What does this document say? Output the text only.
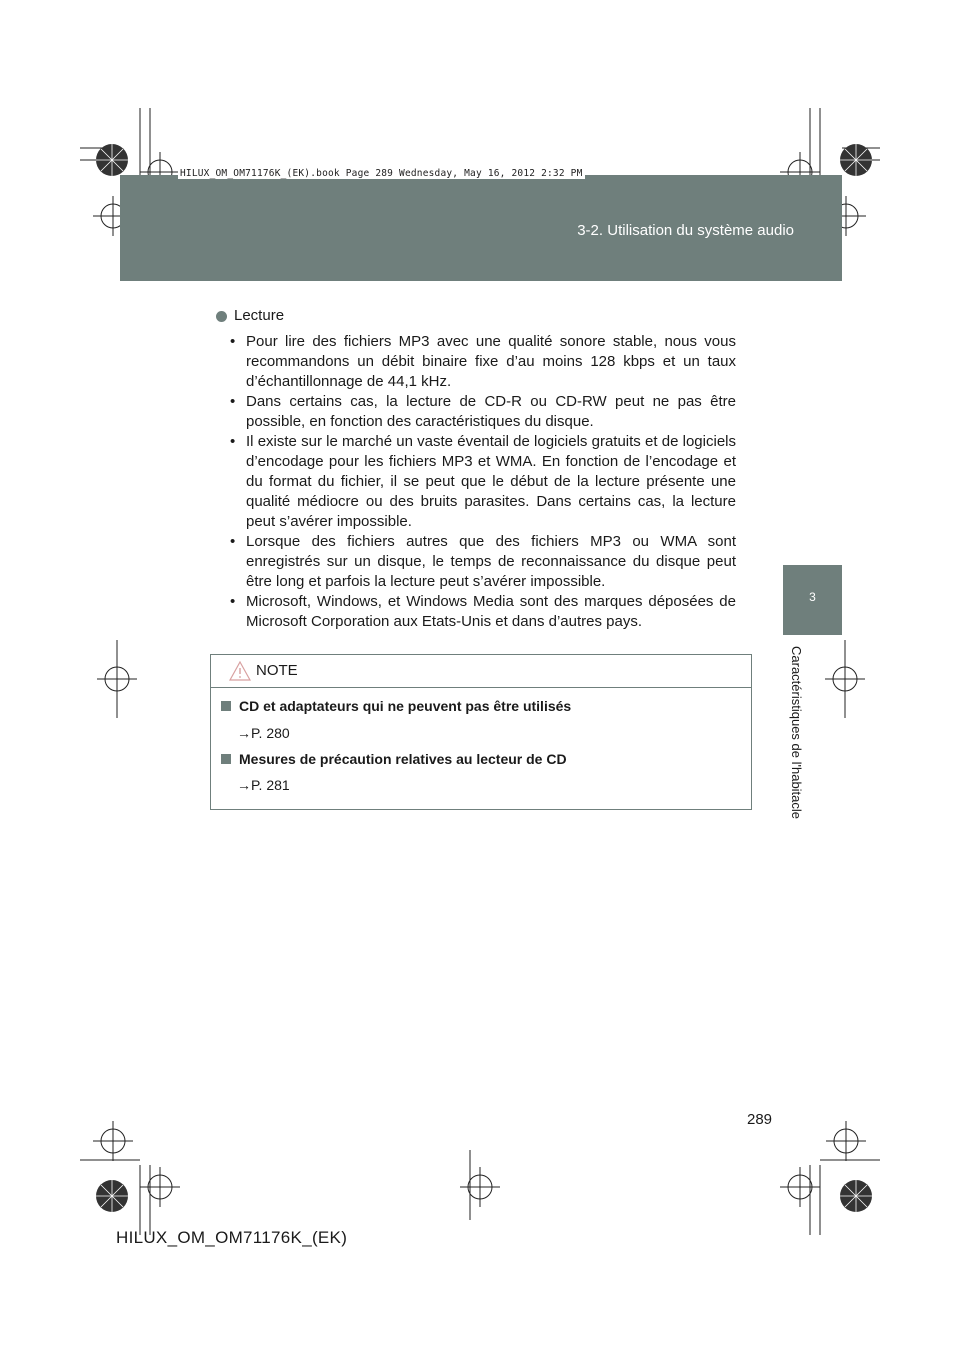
3-2. Utilisation du système audio
HILUX_OM_OM71176K_(EK).book Page 289 Wednesday, May 16, 2012 2:32 PM
3
Caractéristiques de l'habitacle
Lecture
• Pour lire des fichiers MP3 avec une qualité sonore stable, nous vous recommandons un débit binaire fixe d’au moins 128 kbps et un taux d’échantillonnage de 44,1 kHz.
• Dans certains cas, la lecture de CD-R ou CD-RW peut ne pas être possible, en fonction des caractéristiques du disque.
• Il existe sur le marché un vaste éventail de logiciels gratuits et de logiciels d’encodage pour les fichiers MP3 et WMA. En fonction de l’encodage et du format du fichier, il se peut que le début de la lecture présente une qualité médiocre ou des bruits parasites. Dans certains cas, la lecture peut s’avérer impossible.
• Lorsque des fichiers autres que des fichiers MP3 ou WMA sont enregistrés sur un disque, le temps de reconnaissance du disque peut être long et parfois la lecture peut s’avérer impossible.
• Microsoft, Windows, et Windows Media sont des marques déposées de Microsoft Corporation aux Etats-Unis et dans d’autres pays.
NOTE
CD et adaptateurs qui ne peuvent pas être utilisés
→P. 280
Mesures de précaution relatives au lecteur de CD
→P. 281
289
HILUX_OM_OM71176K_(EK)
